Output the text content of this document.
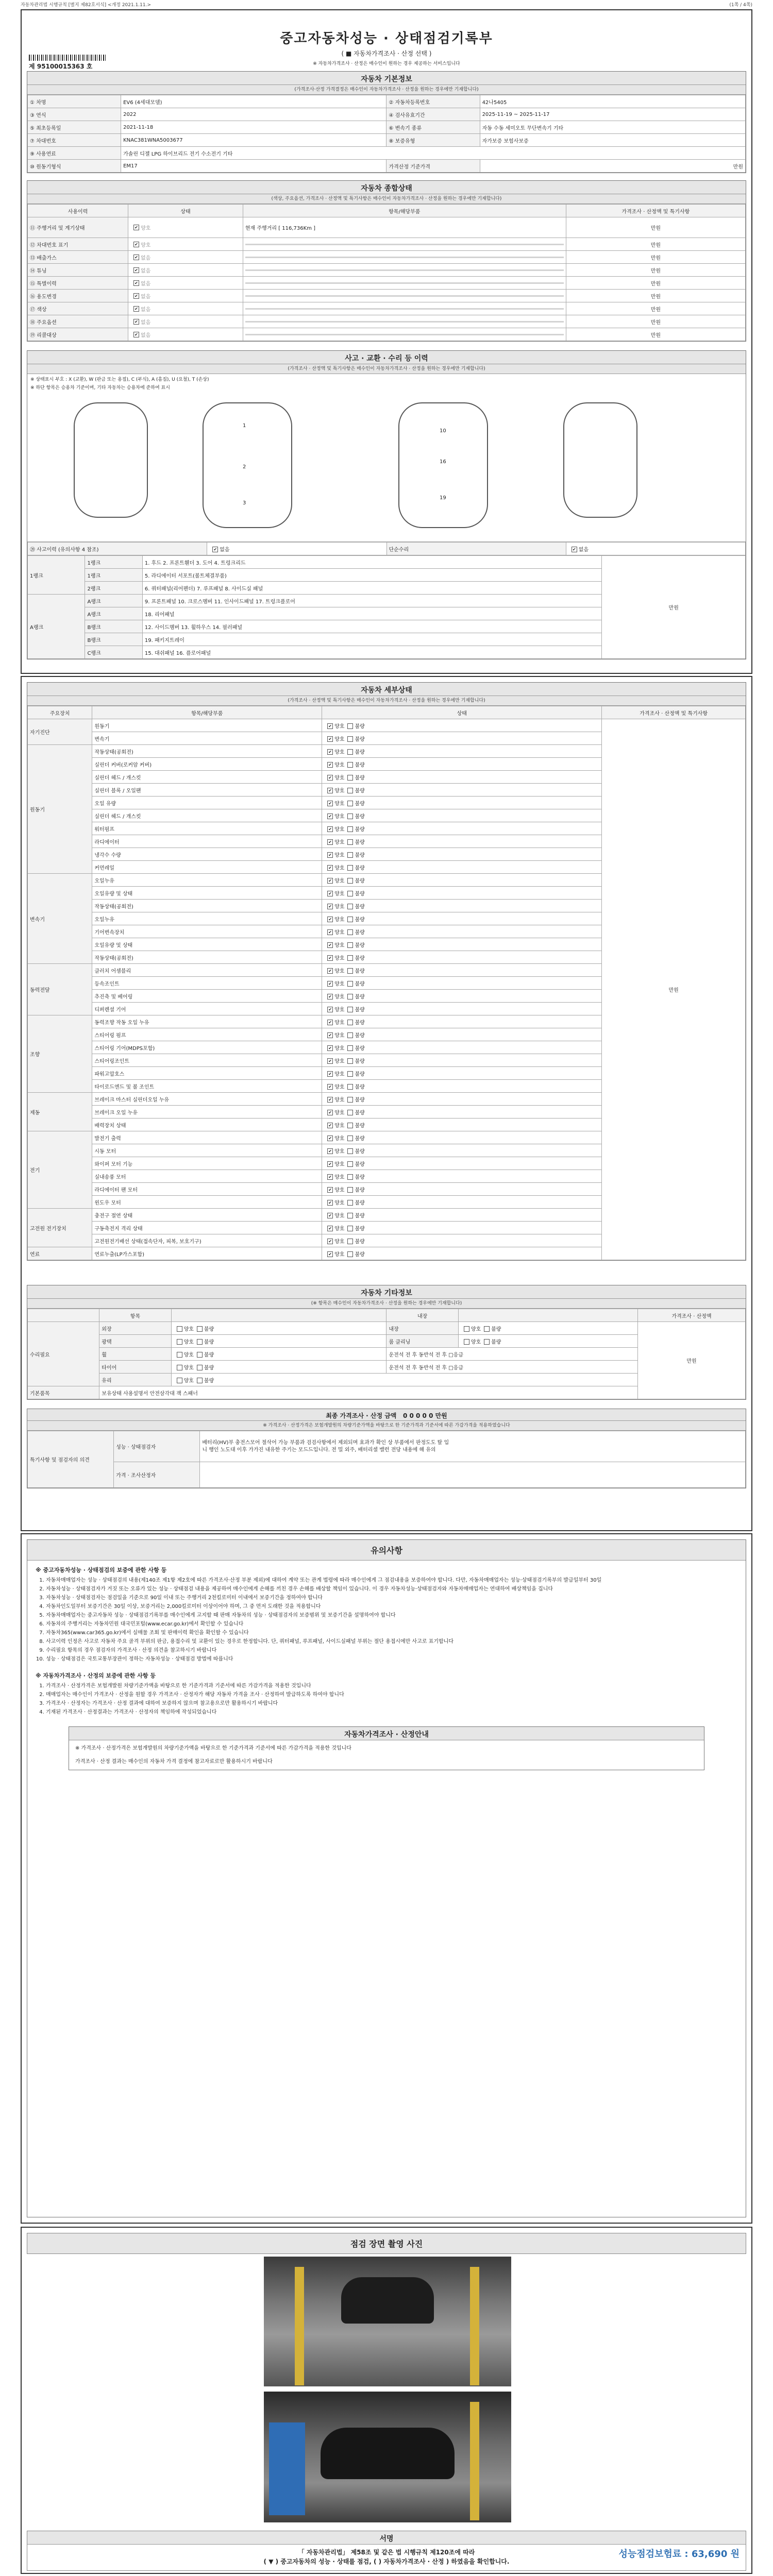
자동차관리법 시행규칙 [별지 제82호서식] <개정 2021.1.11.>	(1쪽 / 4쪽)
중고자동차성능 · 상태점검기록부
( ■ 자동차가격조사 · 산정 선택 )
※ 자동차가격조사 · 산정은 매수인이 원하는 경우 제공하는 서비스입니다
제 95100015363 호
자동차 기본정보
(가격조사·산정 가격결정은 매수인이 자동차가격조사 · 산정을 원하는 경우에만 기재합니다)
① 차명	EV6 (4세대모델)	② 자동차등록번호	42나5405
③ 연식	2022	④ 검사유효기간	2025-11-19 ~ 2025-11-17
⑤ 최초등록일	2021-11-18	⑥ 변속기 종류	자동 수동 세미오토 무단변속기 기타
⑦ 차대번호	KNAC381WNA5003677	⑧ 보증유형	자가보증 보험사보증
⑨ 사용연료	가솔린 디젤 LPG 하이브리드 전기 수소전기 기타		
⑩ 원동기형식	EM17	가격산정 기준가격	만원
자동차 종합상태
(색상, 주요옵션, 가격조사 · 산정액 및 특기사항은 매수인이 자동차가격조사 · 산정을 원하는 경우에만 기재합니다)
사용이력	상태	항목/해당부품	가격조사 · 산정액 및 특기사항
⑪ 주행거리 및 계기상태	✔양호	현재 주행거리 [ 116,736Km ]	만원
⑫ 차대번호 표기	✔양호		만원
⑬ 배출가스	✔없음		만원
⑭ 튜닝	✔없음		만원
⑮ 특별이력	✔없음		만원
⑯ 용도변경	✔없음		만원
⑰ 색상	✔없음		만원
⑱ 주요옵션	✔없음		만원
⑲ 리콜대상	✔없음		만원
사고 · 교환 · 수리 등 이력
(가격조사 · 산정액 및 특기사항은 매수인이 자동차가격조사 · 산정을 원하는 경우에만 기재합니다)
※ 상태표시 부호 : X (교환), W (판금 또는 용접), C (부식), A (흠집), U (요철), T (손상)
※ 하단 항목은 승용차 기준이며, 기타 자동차는 승용차에 준하여 표시
1
2
3
10
16
19
⑳ 사고이력 (유의사항 4 참조)	✔없음	단순수리	✔없음
1랭크	1랭크	1. 후드 2. 프론트휀더 3. 도어 4. 트렁크리드	만원
	1랭크	5. 라디에이터 서포트(볼트체결부품)	
	2랭크	6. 쿼터패널(리어펜더) 7. 루프패널 8. 사이드실 패널	
A랭크	A랭크	9. 프론트패널 10. 크로스멤버 11. 인사이드패널 17. 트렁크플로어	
	A랭크	18. 리어패널	
	B랭크	12. 사이드멤버 13. 휠하우스 14. 필러패널	
	B랭크	19. 패키지트레이	
	C랭크	15. 대쉬패널 16. 플로어패널	
자동차 세부상태
(가격조사 · 산정액 및 특기사항은 매수인이 자동차가격조사 · 산정을 원하는 경우에만 기재합니다)
주요장치	항목/해당부품	상태	가격조사 · 산정액 및 특기사항
자기진단	원동기	✔양호 불량	만원
	변속기	✔양호 불량
원동기	작동상태(공회전)	✔양호 불량
	실린더 커버(로커암 커버)	✔양호 불량
	실린더 헤드 / 개스킷	✔양호 불량
	실린더 블록 / 오일팬	✔양호 불량
	오일 유량	✔양호 불량
	실린더 헤드 / 개스킷	✔양호 불량
	워터펌프	✔양호 불량
	라디에이터	✔양호 불량
	냉각수 수량	✔양호 불량
	커먼레일	✔양호 불량
변속기	오일누유	✔양호 불량
	오일유량 및 상태	✔양호 불량
	작동상태(공회전)	✔양호 불량
	오일누유	✔양호 불량
	기어변속장치	✔양호 불량
	오일유량 및 상태	✔양호 불량
	작동상태(공회전)	✔양호 불량
동력전달	클러치 어셈블리	✔양호 불량
	등속조인트	✔양호 불량
	추진축 및 베어링	✔양호 불량
	디퍼렌셜 기어	✔양호 불량
조향	동력조향 작동 오일 누유	✔양호 불량
	스티어링 펌프	✔양호 불량
	스티어링 기어(MDPS포함)	✔양호 불량
	스티어링조인트	✔양호 불량
	파워고압호스	✔양호 불량
	타이로드엔드 및 볼 조인트	✔양호 불량
제동	브레이크 마스터 실린더오일 누유	✔양호 불량
	브레이크 오일 누유	✔양호 불량
	배력장치 상태	✔양호 불량
전기	발전기 출력	✔양호 불량
	시동 모터	✔양호 불량
	와이퍼 모터 기능	✔양호 불량
	실내송풍 모터	✔양호 불량
	라디에이터 팬 모터	✔양호 불량
	윈도우 모터	✔양호 불량
고전원 전기장치	충전구 절연 상태	✔양호 불량
	구동축전지 격리 상태	✔양호 불량
	고전원전기배선 상태(접속단자, 피복, 보호기구)	✔양호 불량
연료	연료누출(LP가스포함)	✔양호 불량
자동차 기타정보
(※ 항목은 매수인이 자동차가격조사 · 산정을 원하는 경우에만 기재합니다)
	항목		내장		가격조사 · 산정액
수리필요	외장	양호 불량	내장	양호 불량	만원
	광택	양호 불량	룸 클리닝	양호 불량	
	휠	양호 불량	운전석 전 후 동반석 전 후 □응급		
	타이어	양호 불량	운전석 전 후 동반석 전 후 □응급		
	유리	양호 불량			
기본품목	보유상태 사용설명서 안전삼각대 잭 스패너				
최종 가격조사 · 산정 금액 0 0 0 0 0 만원
※ 가격조사 · 산정가격은 보험개발원의 차량기준가액을 바탕으로 한 기준가격과 기준서에 따른 가감가격을 적용하였습니다
특기사항 및 점검자의 의견	성능 · 상태점검자	배터리(HV)부 충전스모어 절삭어 가능 부품과 검검사항에서 제외되며 효과가 확인 상 부품에서 판정도도 탈 입
니 행인 노도대 이후 가가진 내유한 주기는 모드드입니다. 전 밀 외주, 배터리셀 밸런 전당 내용에 해 유의
	가격 · 조사산정자	
유의사항
※ 중고자동차성능 · 상태점검의 보증에 관한 사항 등
1. 자동차매매업자는 성능 · 상태점검의 내용(제140조 제1항 제2호에 따른 가격조사·산정 부분 제외)에 대하여 계약 또는 관계 법령에 따라 매수인에게 그 점검내용을 보증하여야 합니다. 다만, 자동차매매업자는 성능·상태점검기록부의 발급일부터 30일
2. 자동차성능 · 상태점검자가 거짓 또는 오류가 있는 성능 · 상태점검 내용을 제공하여 매수인에게 손해를 끼친 경우 손해를 배상할 책임이 있습니다. 이 경우 자동차성능·상태점검자와 자동차매매업자는 연대하여 배상책임을 집니다
3. 자동차성능 · 상태점검자는 점검일을 기준으로 90일 이내 또는 주행거리 2천킬로미터 이내에서 보증기간을 정하여야 합니다
4. 자동차인도일부터 보증기간은 30일 이상, 보증거리는 2,000킬로미터 이상이어야 하며, 그 중 먼저 도래한 것을 적용합니다
5. 자동차매매업자는 중고자동차 성능 · 상태점검기록부를 매수인에게 고지할 때 판매 자동차의 성능 · 상태점검자의 보증범위 및 보증기간을 설명하여야 합니다
6. 자동차의 주행거리는 자동차민원 대국민포털(www.ecar.go.kr)에서 확인할 수 있습니다
7. 자동차365(www.car365.go.kr)에서 실매물 조회 및 판매이력 확인을 확인할 수 있습니다
8. 사고이력 인정은 사고로 자동차 주요 골격 부위의 판금, 용접수리 및 교환이 있는 경우로 한정합니다. 단, 쿼터패널, 루프패널, 사이드실패널 부위는 절단 용접시에만 사고로 표기합니다
9. 수리필요 항목의 경우 점검자의 가격조사 · 산정 의견을 참고하시기 바랍니다
10. 성능 · 상태점검은 국토교통부장관이 정하는 자동차성능 · 상태점검 방법에 따릅니다
※ 자동차가격조사 · 산정의 보증에 관한 사항 등
1. 가격조사 · 산정가격은 보험개발원 차량기준가액을 바탕으로 한 기준가격과 기준서에 따른 가감가격을 적용한 것입니다
2. 매매업자는 매수인이 가격조사 · 산정을 원할 경우 가격조사 · 산정자가 해당 자동차 가격을 조사 · 산정하여 발급하도록 하여야 합니다
3. 가격조사 · 산정자는 가격조사 · 산정 결과에 대하여 보증하지 않으며 참고용으로만 활용하시기 바랍니다
4. 기재된 가격조사 · 산정결과는 가격조사 · 산정자의 책임하에 작성되었습니다
자동차가격조사 · 산정안내
※ 가격조사 · 산정가격은 보험개발원의 차량기준가액을 바탕으로 한 기준가격과 기준서에 따른 가감가격을 적용한 것입니다
가격조사 · 산정 결과는 매수인의 자동차 가격 결정에 참고자료로만 활용하시기 바랍니다
점검 장면 촬영 사진
서명
성능점검보험료 : 63,690 원
「 자동차관리법」 제58조 및 같은 법 시행규칙 제120조에 따라
( ▼ ) 중고자동차의 성능 · 상태를 점검, ( ) 자동차가격조사 · 산정 ) 하였음을 확인합니다.
